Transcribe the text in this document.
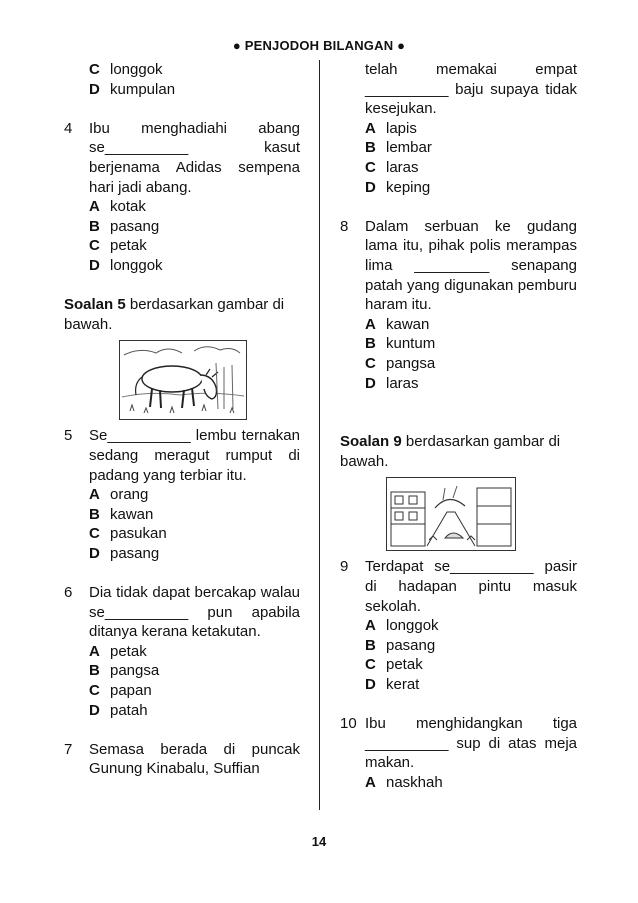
● PENJODOH BILANGAN ●
C longgok
D kumpulan
4	Ibu menghadiahi abang se__________ kasut berjenama Adidas sempena hari jadi abang.
A kotak
B pasang
C petak
D longgok
Soalan 5 berdasarkan gambar di bawah.
5	Se__________ lembu ternakan sedang meragut rumput di padang yang terbiar itu.
A orang
B kawan
C pasukan
D pasang
6	Dia tidak dapat bercakap walau se__________ pun apabila ditanya kerana ketakutan.
A petak
B pangsa
C papan
D patah
7	Semasa berada di puncak Gunung Kinabalu, Suffian
telah memakai empat __________ baju supaya tidak kesejukan.
A lapis
B lembar
C laras
D keping
8	Dalam serbuan ke gudang lama itu, pihak polis merampas lima _________ senapang patah yang digunakan pemburu haram itu.
A kawan
B kuntum
C pangsa
D laras
Soalan 9 berdasarkan gambar di bawah.
9	Terdapat se__________ pasir di hadapan pintu masuk sekolah.
A longgok
B pasang
C petak
D kerat
10 Ibu menghidangkan tiga __________ sup di atas meja makan.
A naskhah
14
